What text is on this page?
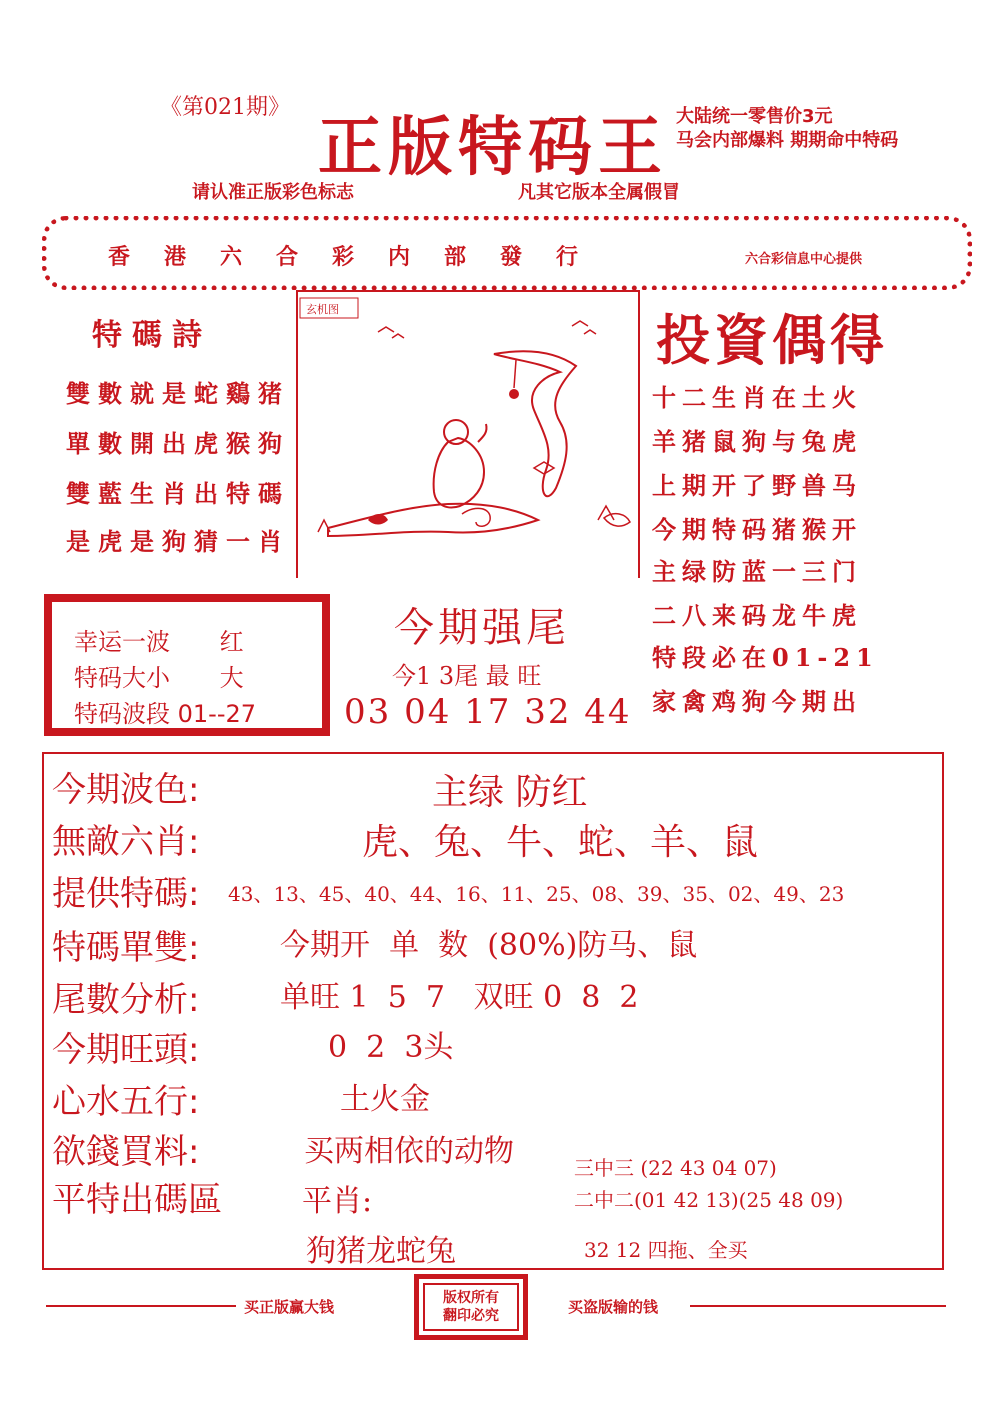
《第021期》
正版特码王 大陆统一零售价3元
马会内部爆料 期期命中特码
请认准正版彩色标志	凡其它版本全属假冒
香港六合彩内部發行	六合彩信息中心提供
特碼詩
雙數就是蛇鷄猪
單數開出虎猴狗
雙藍生肖出特碼
是虎是狗猜一肖
玄机图	投資偶得
十二生肖在土火
羊猪鼠狗与兔虎
上期开了野兽马
今期特码猪猴开
主绿防蓝一三门
二八来码龙牛虎
特段必在01-21
家禽鸡狗今期出
幸运一波 红
特码大小 大
特码波段 01--27
今期强尾
今1 3尾 最 旺
03 04 17 32 44
今期波色:	主绿 防红
無敵六肖:	虎、兔、牛、蛇、羊、鼠
提供特碼: 43、13、45、40、44、16、11、25、08、39、35、02、49、23
特碼單雙:	今期开  单  数  (80%)防马、鼠
尾數分析:	单旺 1  5  7   双旺 0  8  2
今期旺頭:	0  2  3头
心水五行:	土火金
欲錢買料:	买两相依的动物
平特出碼區	平肖:
狗猪龙蛇兔
三中三 (22 43 04 07)
二中二(01 42 13)(25 48 09)
32 12 四拖、全买
买正版赢大钱	版权所有
翻印必究	买盗版输的钱
